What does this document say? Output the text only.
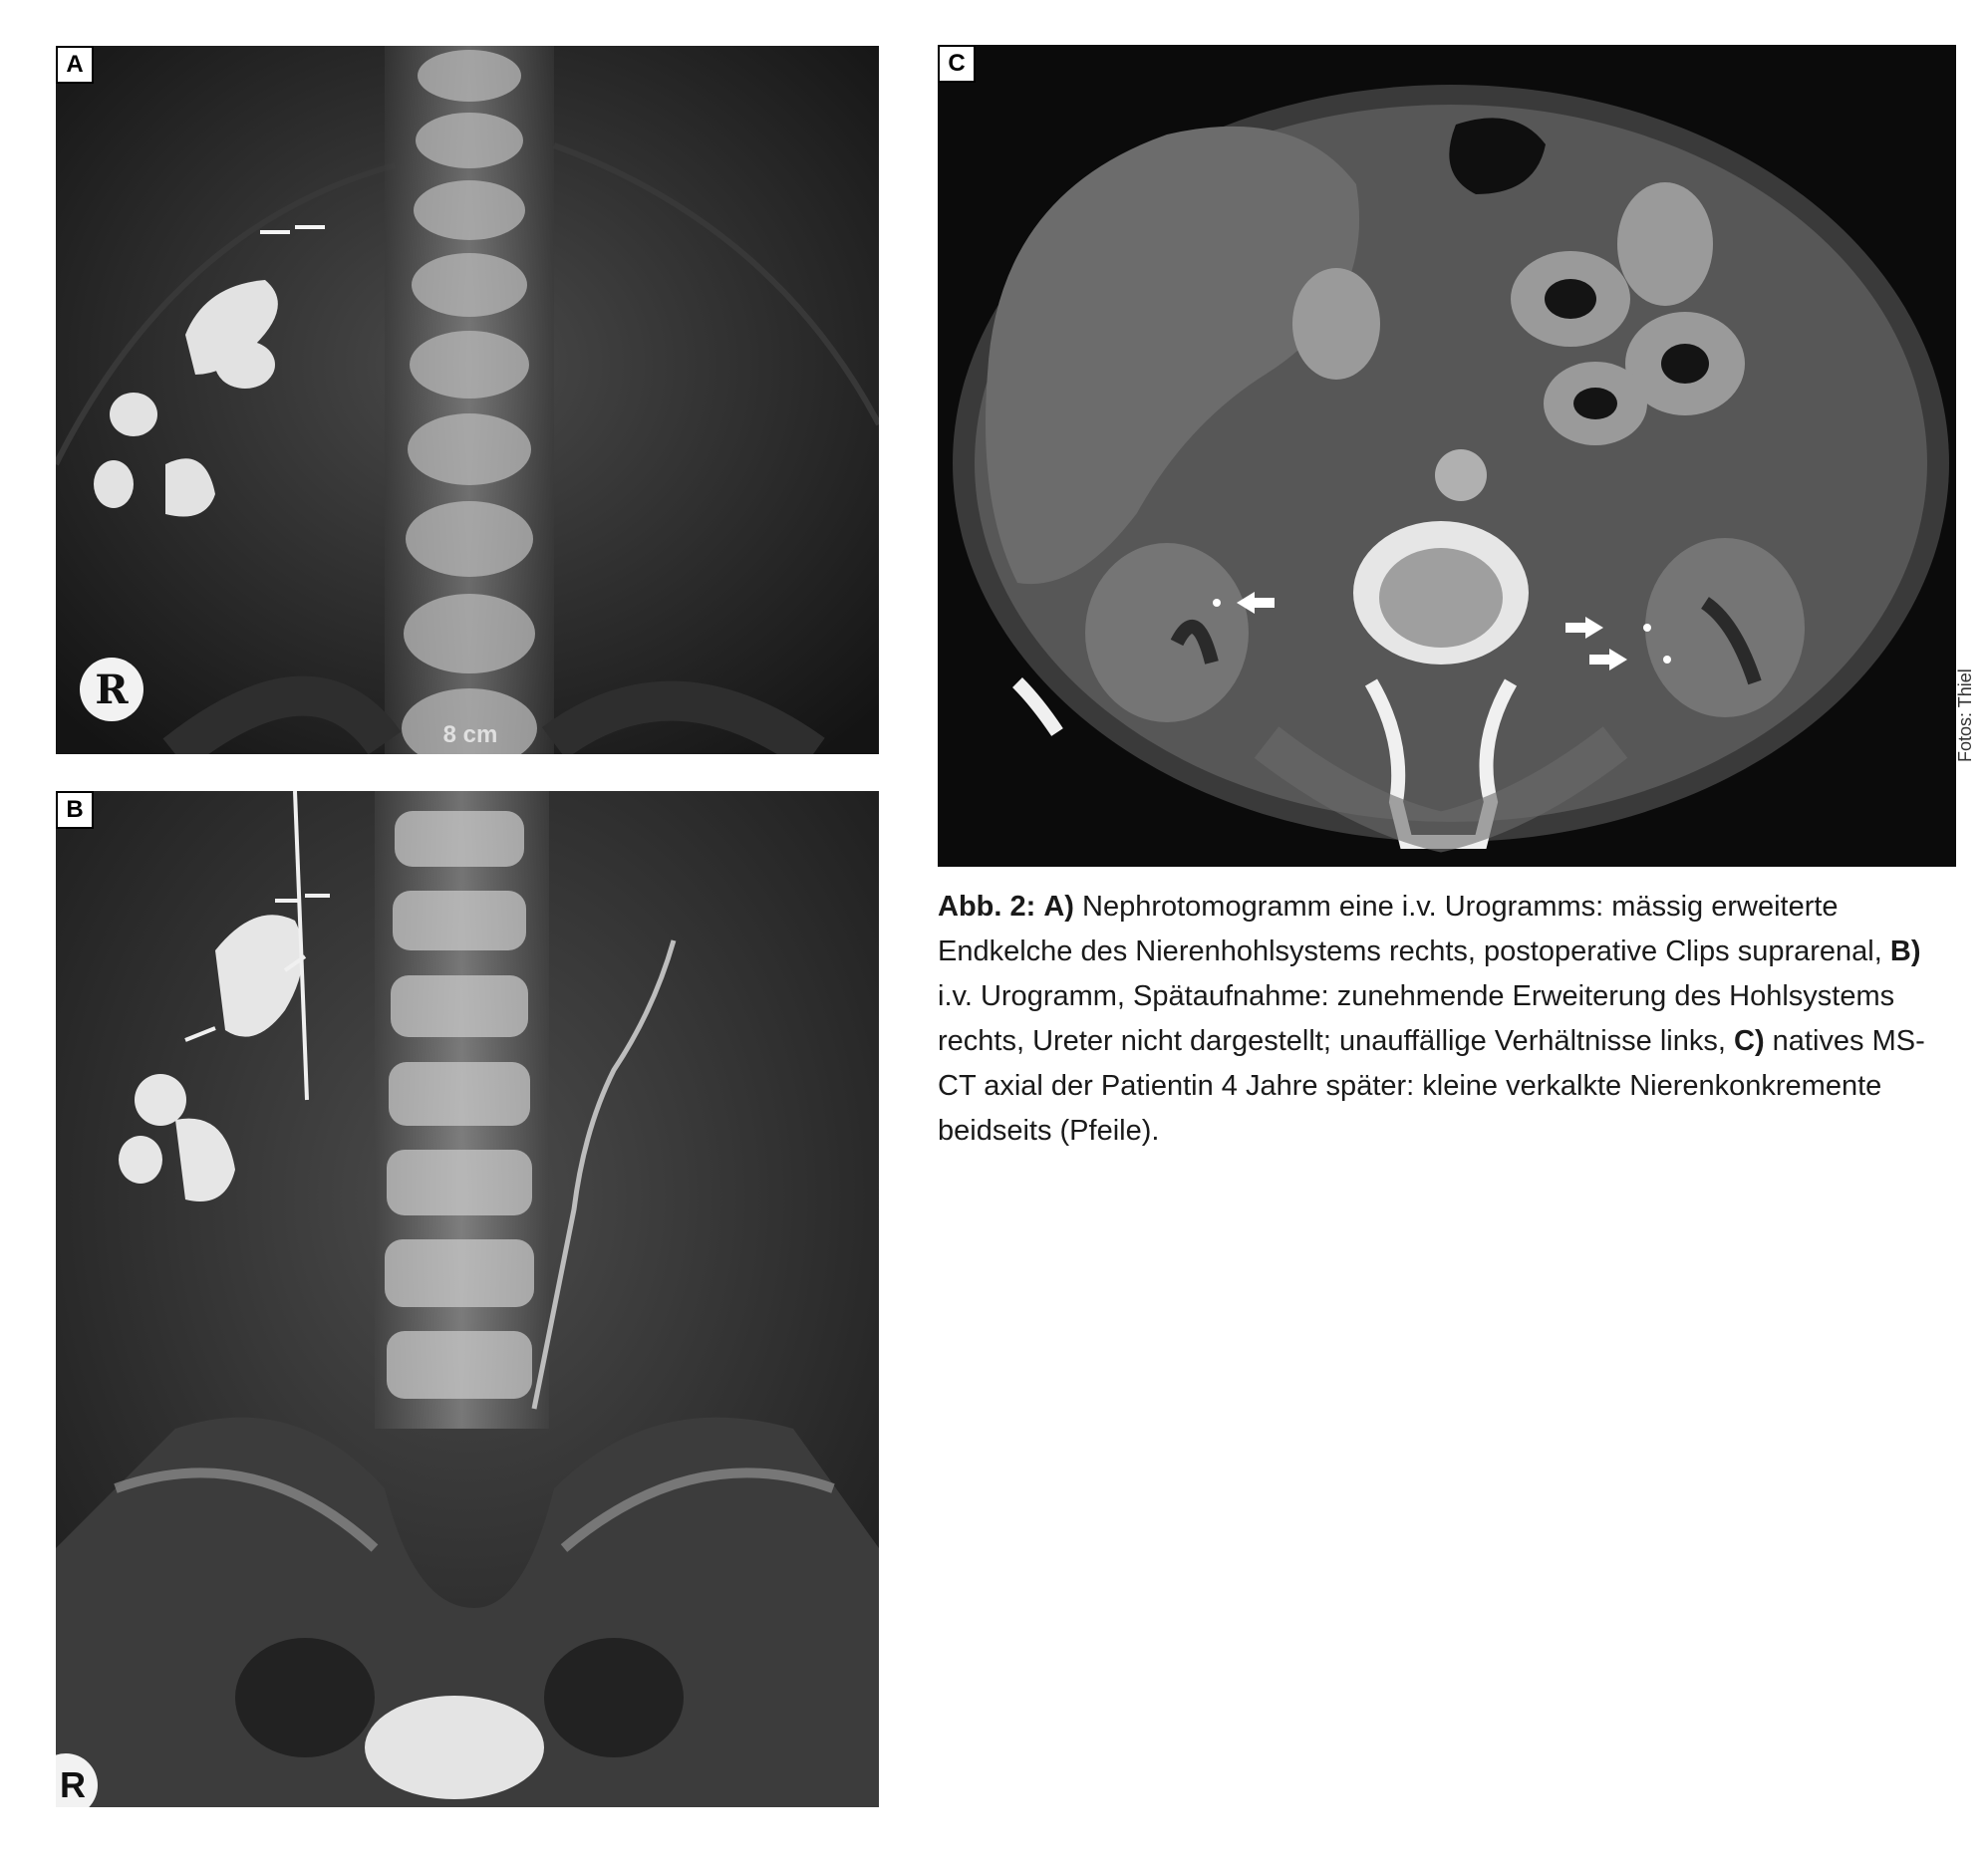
A
R
8 cm
B
R
C
Fotos: Thiel
Abb. 2: A) Nephrotomogramm eine i.v. Urogramms: mässig erweiterte Endkelche des Nierenhohlsystems rechts, postoperative Clips suprarenal, B) i.v. Urogramm, Spätaufnahme: zunehmende Erweiterung des Hohlsystems rechts, Ureter nicht dargestellt; unauffällige Verhältnisse links, C) natives MS-CT axial der Patientin 4 Jahre später: kleine verkalkte Nierenkonkremente beidseits (Pfeile).
